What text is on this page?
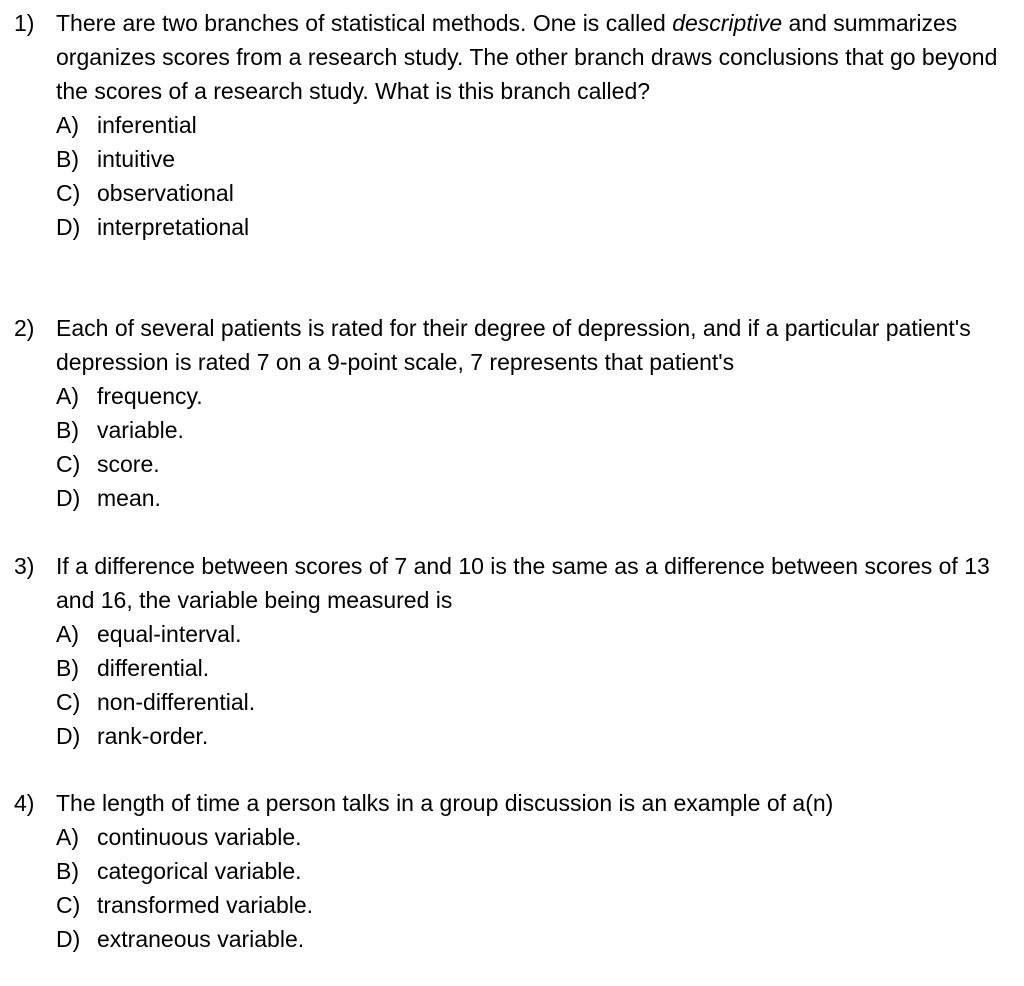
1) There are two branches of statistical methods. One is called descriptive and summarizes organizes scores from a research study. The other branch draws conclusions that go beyond the scores of a research study. What is this branch called?
A) inferential
B) intuitive
C) observational
D) interpretational
2) Each of several patients is rated for their degree of depression, and if a particular patient's depression is rated 7 on a 9-point scale, 7 represents that patient's
A) frequency.
B) variable.
C) score.
D) mean.
3) If a difference between scores of 7 and 10 is the same as a difference between scores of 13 and 16, the variable being measured is
A) equal-interval.
B) differential.
C) non-differential.
D) rank-order.
4) The length of time a person talks in a group discussion is an example of a(n)
A) continuous variable.
B) categorical variable.
C) transformed variable.
D) extraneous variable.
